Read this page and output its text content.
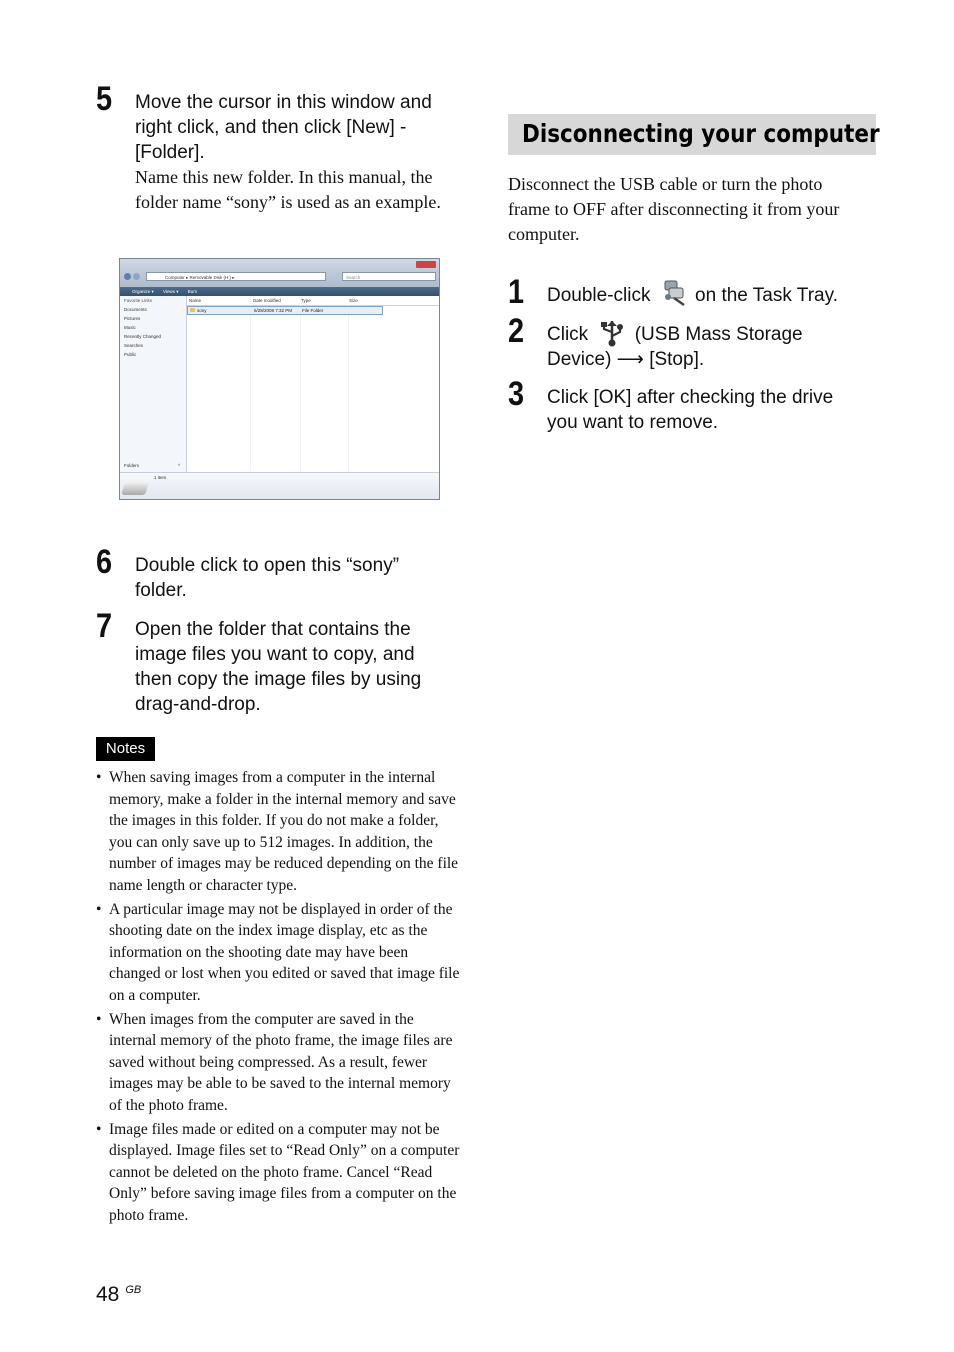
5 Move the cursor in this window and
right click, and then click [New] -
[Folder].
Name this new folder. In this manual, the
folder name “sony” is used as an example.
Computer ▸ Removable Disk (H:) ▸	Search
Organize ▾ Views ▾ Burn
Favorite Links
Documents
Pictures
Music
Recently Changed
Searches
Public
Folders	^
Name	Date modified	Type	Size
sony	6/28/2008 7:32 PM File Folder
1 item
6 Double click to open this “sony”
folder.
7 Open the folder that contains the
image files you want to copy, and
then copy the image files by using
drag-and-drop.
Notes
• When saving images from a computer in the internal memory, make a folder in the internal memory and save the images in this folder. If you do not make a folder, you can only save up to 512 images. In addition, the number of images may be reduced depending on the file name length or character type.
• A particular image may not be displayed in order of the shooting date on the index image display, etc as the information on the shooting date may have been changed or lost when you edited or saved that image file on a computer.
• When images from the computer are saved in the internal memory of the photo frame, the image files are saved without being compressed. As a result, fewer images may be able to be saved to the internal memory of the photo frame.
• Image files made or edited on a computer may not be displayed. Image files set to “Read Only” on a computer cannot be deleted on the photo frame. Cancel “Read Only” before saving image files from a computer on the photo frame.
48 $^{GB}$
Disconnecting your computer
Disconnect the USB cable or turn the photo
frame to OFF after disconnecting it from your
computer.
1 Double-click on the Task Tray.
2 Click (USB Mass Storage
Device) ⟶ [Stop].
3 Click [OK] after checking the drive
you want to remove.
